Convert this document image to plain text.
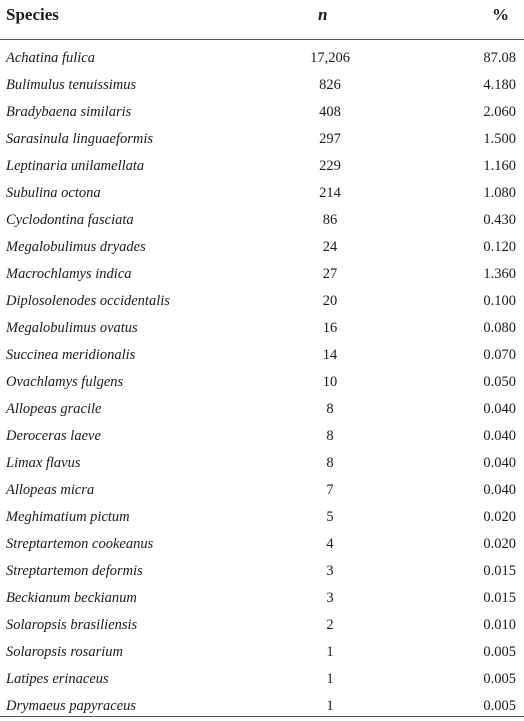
Species	n	%
Achatina fulica	17,206	87.08
Bulimulus tenuissimus	826	4.180
Bradybaena similaris	408	2.060
Sarasinula linguaeformis	297	1.500
Leptinaria unilamellata	229	1.160
Subulina octona	214	1.080
Cyclodontina fasciata	86	0.430
Megalobulimus dryades	24	0.120
Macrochlamys indica	27	1.360
Diplosolenodes occidentalis	20	0.100
Megalobulimus ovatus	16	0.080
Succinea meridionalis	14	0.070
Ovachlamys fulgens	10	0.050
Allopeas gracile	8	0.040
Deroceras laeve	8	0.040
Limax flavus	8	0.040
Allopeas micra	7	0.040
Meghimatium pictum	5	0.020
Streptartemon cookeanus	4	0.020
Streptartemon deformis	3	0.015
Beckianum beckianum	3	0.015
Solaropsis brasiliensis	2	0.010
Solaropsis rosarium	1	0.005
Latipes erinaceus	1	0.005
Drymaeus papyraceus	1	0.005
